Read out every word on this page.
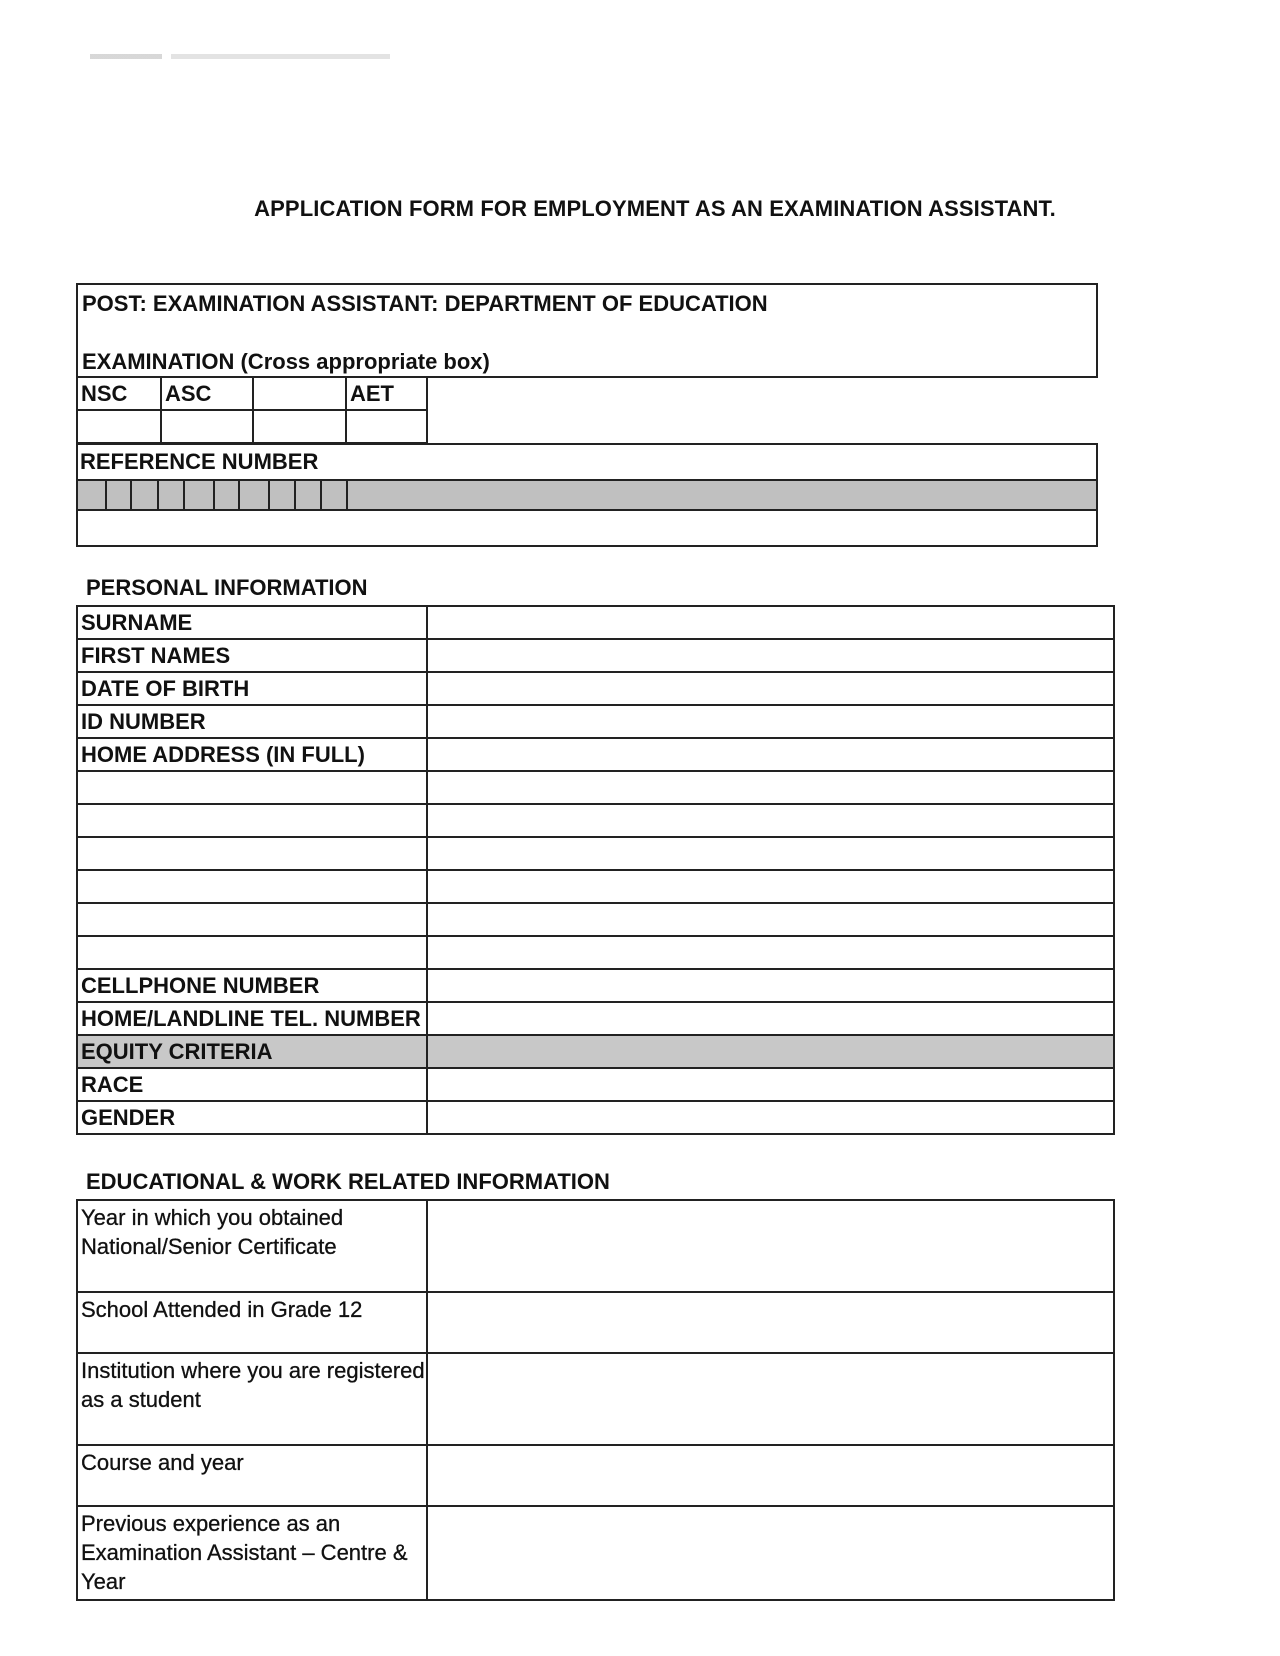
APPLICATION FORM FOR EMPLOYMENT AS AN EXAMINATION ASSISTANT.
POST: EXAMINATION ASSISTANT: DEPARTMENT OF EDUCATION
EXAMINATION (Cross appropriate box)
NSC	ASC		AET

REFERENCE NUMBER
PERSONAL INFORMATION
SURNAME	
FIRST NAMES	
DATE OF BIRTH	
ID NUMBER	
HOME ADDRESS (IN FULL)	

CELLPHONE NUMBER	
HOME/LANDLINE TEL. NUMBER	
EQUITY CRITERIA	
RACE	
GENDER	
EDUCATIONAL & WORK RELATED INFORMATION
Year in which you obtained National/Senior Certificate	
School Attended in Grade 12	
Institution where you are registered as a student	
Course and year	
Previous experience as an Examination Assistant – Centre & Year	
